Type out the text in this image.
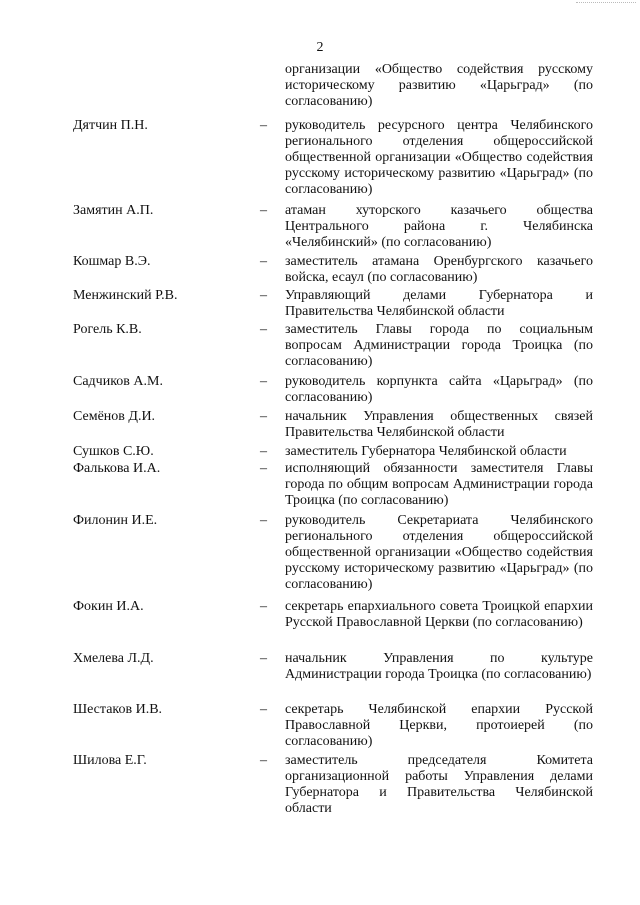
2
организации «Общество содействия русскому историческому развитию «Царьград» (по согласованию)
Дятчин П.Н.	– руководитель ресурсного центра Челябинского регионального отделения общероссийской общественной организации «Общество содействия русскому историческому развитию «Царьград» (по согласованию)
Замятин А.П.	– атаман хуторского казачьего общества Центрального района г. Челябинска «Челябинский» (по согласованию)
Кошмар В.Э.	– заместитель атамана Оренбургского казачьего войска, есаул (по согласованию)
Менжинский Р.В.	– Управляющий делами Губернатора и Правительства Челябинской области
Рогель К.В.	– заместитель Главы города по социальным вопросам Администрации города Троицка (по согласованию)
Садчиков А.М.	– руководитель корпункта сайта «Царьград» (по согласованию)
Семёнов Д.И.	– начальник Управления общественных связей Правительства Челябинской области
Сушков С.Ю.	– заместитель Губернатора Челябинской области
Фалькова И.А.	– исполняющий обязанности заместителя Главы города по общим вопросам Администрации города Троицка (по согласованию)
Филонин И.Е.	– руководитель Секретариата Челябинского регионального отделения общероссийской общественной организации «Общество содействия русскому историческому развитию «Царьград» (по согласованию)
Фокин И.А.	– секретарь епархиального совета Троицкой епархии Русской Православной Церкви (по согласованию)
Хмелева Л.Д.	– начальник Управления по культуре Администрации города Троицка (по согласованию)
Шестаков И.В.	– секретарь Челябинской епархии Русской Православной Церкви, протоиерей (по согласованию)
Шилова Е.Г.	– заместитель председателя Комитета организационной работы Управления делами Губернатора и Правительства Челябинской области
